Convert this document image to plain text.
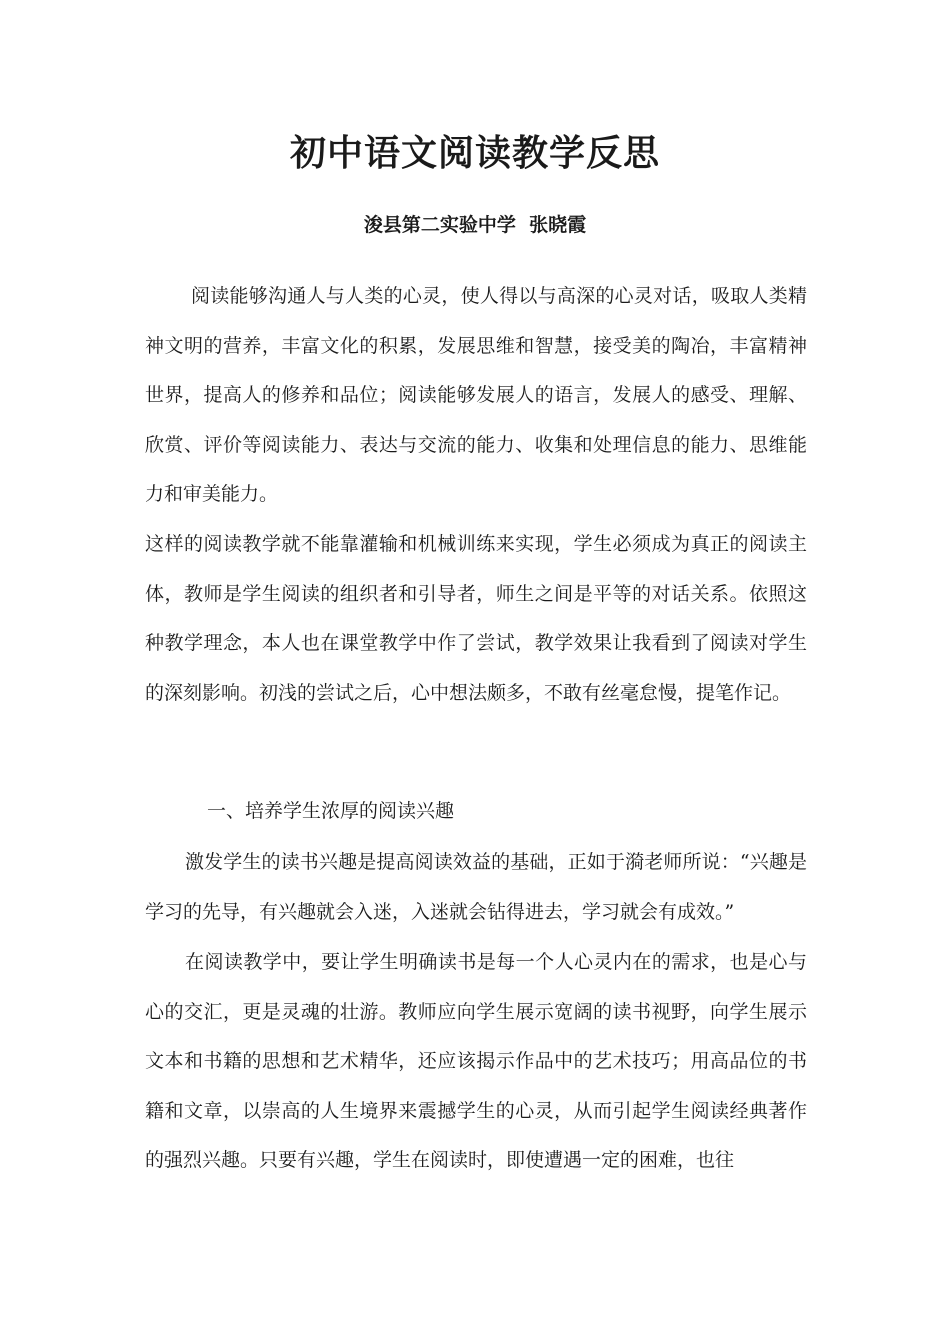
初中语文阅读教学反思

浚县第二实验中学  张晓霞

阅读能够沟通人与人类的心灵，使人得以与高深的心灵对话，吸取人类精神文明的营养，丰富文化的积累，发展思维和智慧，接受美的陶冶，丰富精神世界，提高人的修养和品位；阅读能够发展人的语言，发展人的感受、理解、欣赏、评价等阅读能力、表达与交流的能力、收集和处理信息的能力、思维能力和审美能力。

这样的阅读教学就不能靠灌输和机械训练来实现，学生必须成为真正的阅读主体，教师是学生阅读的组织者和引导者，师生之间是平等的对话关系。依照这种教学理念，本人也在课堂教学中作了尝试，教学效果让我看到了阅读对学生的深刻影响。初浅的尝试之后，心中想法颇多，不敢有丝毫怠慢，提笔作记。

一、培养学生浓厚的阅读兴趣

激发学生的读书兴趣是提高阅读效益的基础，正如于漪老师所说：“兴趣是学习的先导，有兴趣就会入迷，入迷就会钻得进去，学习就会有成效。”

在阅读教学中，要让学生明确读书是每一个人心灵内在的需求，也是心与心的交汇，更是灵魂的壮游。教师应向学生展示宽阔的读书视野，向学生展示文本和书籍的思想和艺术精华，还应该揭示作品中的艺术技巧；用高品位的书籍和文章，以崇高的人生境界来震撼学生的心灵，从而引起学生阅读经典著作的强烈兴趣。只要有兴趣，学生在阅读时，即使遭遇一定的困难，也往
